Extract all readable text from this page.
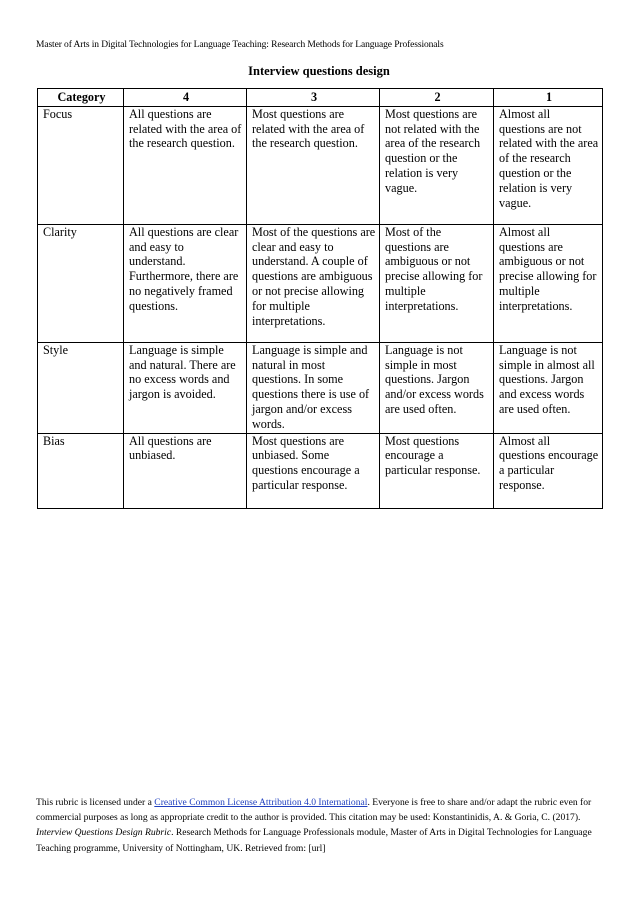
Master of Arts in Digital Technologies for Language Teaching: Research Methods for Language Professionals
Interview questions design
Category	4	3	2	1
Focus	All questions are related with the area of the research question.	Most questions are related with the area of the research question.	Most questions are not related with the area of the research question or the relation is very vague.	Almost all questions are not related with the area of the research question or the relation is very vague.
Clarity	All questions are clear and easy to understand. Furthermore, there are no negatively framed questions.	Most of the questions are clear and easy to understand. A couple of questions are ambiguous or not precise allowing for multiple interpretations.	Most of the questions are ambiguous or not precise allowing for multiple interpretations.	Almost all questions are ambiguous or not precise allowing for multiple interpretations.
Style	Language is simple and natural. There are no excess words and jargon is avoided.	Language is simple and natural in most questions. In some questions there is use of jargon and/or excess words.	Language is not simple in most questions. Jargon and/or excess words are used often.	Language is not simple in almost all questions. Jargon and excess words are used often.
Bias	All questions are unbiased.	Most questions are unbiased. Some questions encourage a particular response.	Most questions encourage a particular response.	Almost all questions encourage a particular response.
This rubric is licensed under a Creative Common License Attribution 4.0 International. Everyone is free to share and/or adapt the rubric even for commercial purposes as long as appropriate credit to the author is provided. This citation may be used: Konstantinidis, A. & Goria, C. (2017). Interview Questions Design Rubric. Research Methods for Language Professionals module, Master of Arts in Digital Technologies for Language Teaching programme, University of Nottingham, UK. Retrieved from: [url]
